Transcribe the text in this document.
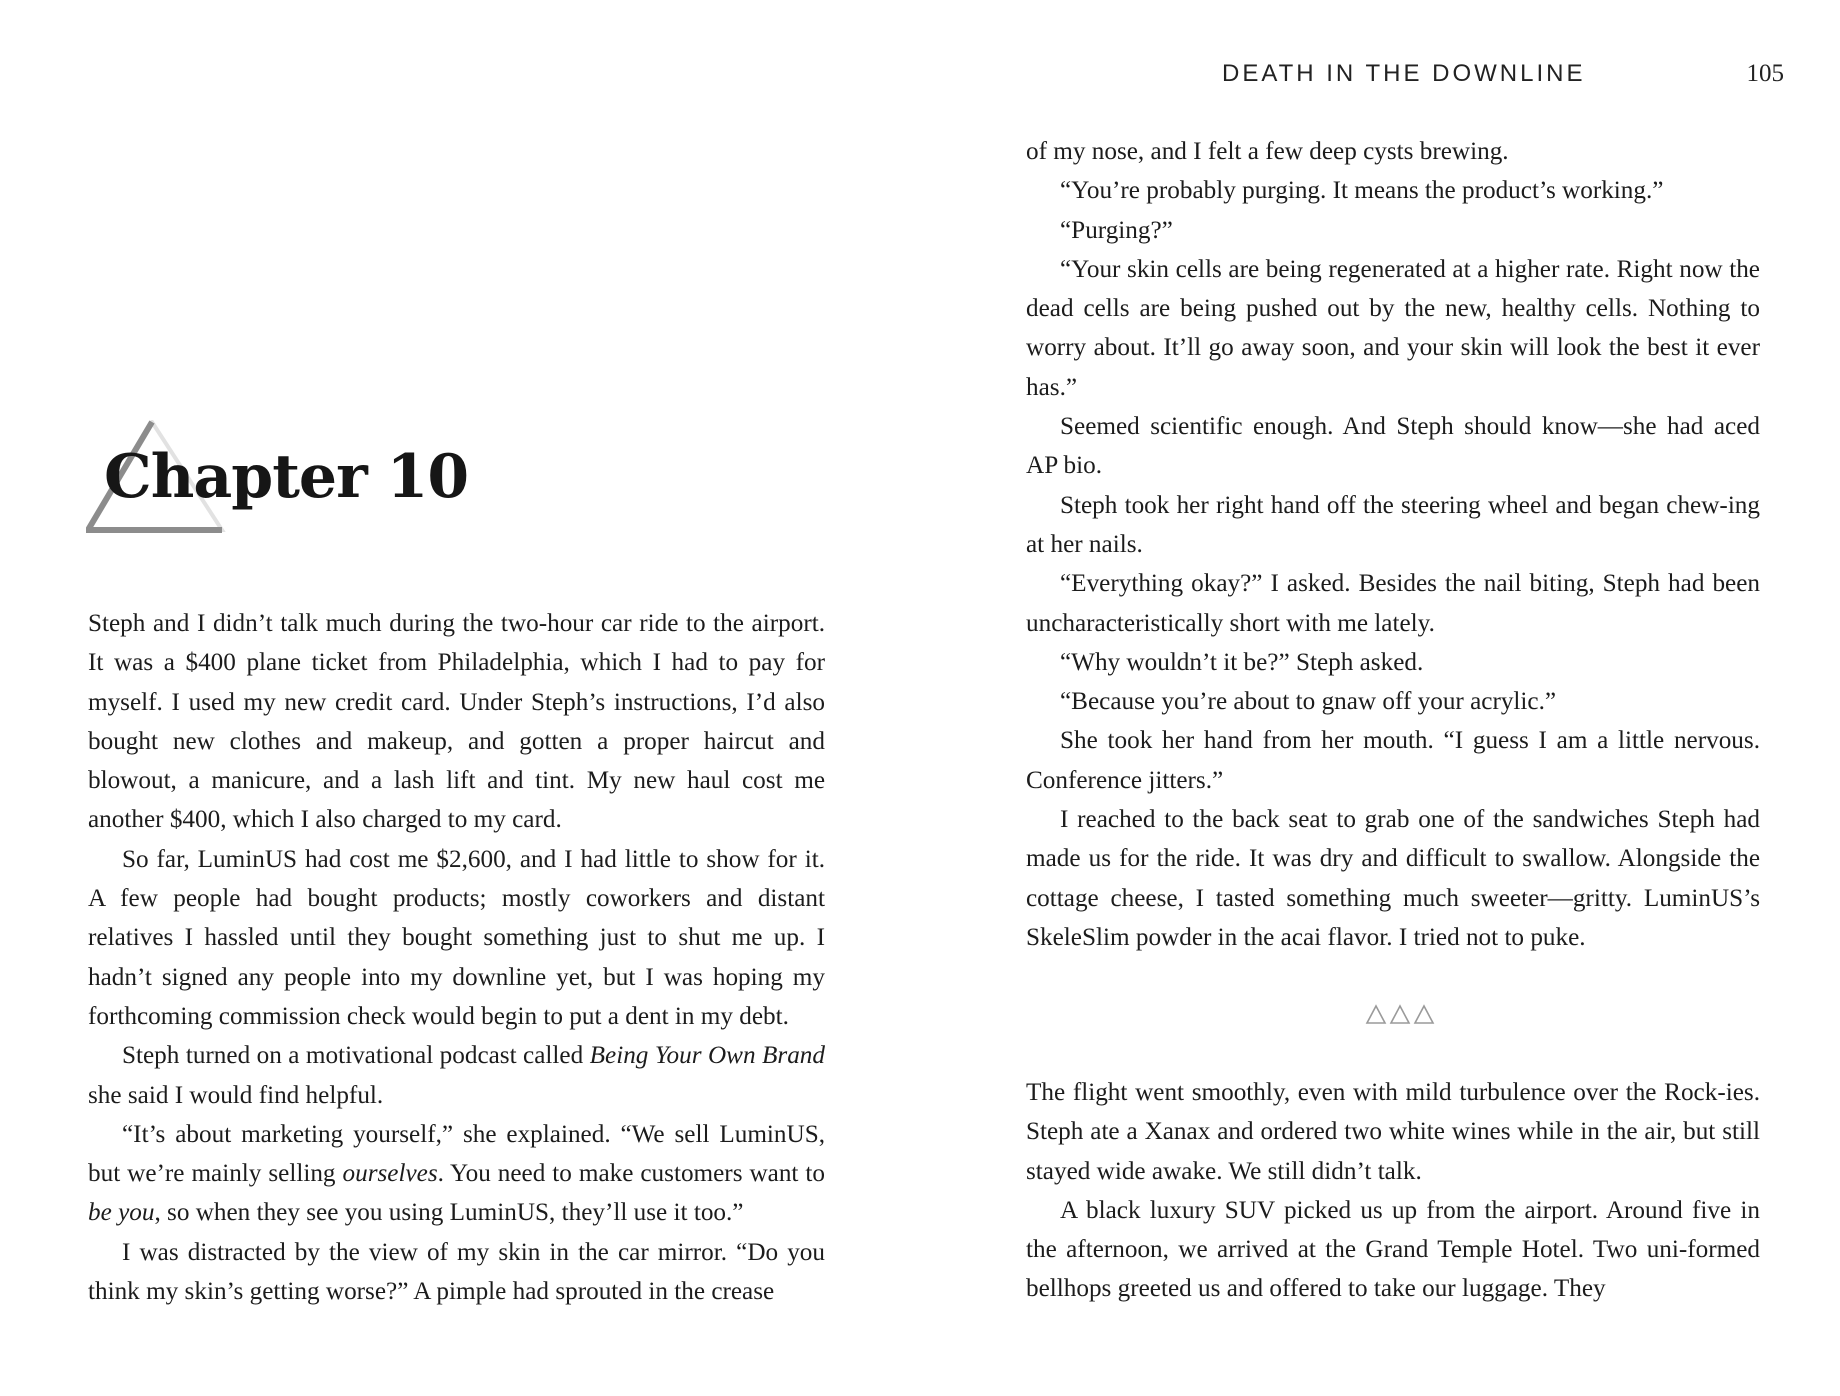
Chapter 10

Steph and I didn’t talk much during the two-hour car ride to the airport. It was a $400 plane ticket from Philadelphia, which I had to pay for myself. I used my new credit card. Under Steph’s instructions, I’d also bought new clothes and makeup, and gotten a proper haircut and blowout, a manicure, and a lash lift and tint. My new haul cost me another $400, which I also charged to my card.

So far, LuminUS had cost me $2,600, and I had little to show for it. A few people had bought products; mostly coworkers and distant relatives I hassled until they bought something just to shut me up. I hadn’t signed any people into my downline yet, but I was hoping my forthcoming commission check would begin to put a dent in my debt.

Steph turned on a motivational podcast called Being Your Own Brand she said I would find helpful.

“It’s about marketing yourself,” she explained. “We sell LuminUS, but we’re mainly selling ourselves. You need to make customers want to be you, so when they see you using LuminUS, they’ll use it too.”

I was distracted by the view of my skin in the car mirror. “Do you think my skin’s getting worse?” A pimple had sprouted in the crease

DEATH IN THE DOWNLINE	105

of my nose, and I felt a few deep cysts brewing.

“You’re probably purging. It means the product’s working.”

“Purging?”

“Your skin cells are being regenerated at a higher rate. Right now the dead cells are being pushed out by the new, healthy cells. Nothing to worry about. It’ll go away soon, and your skin will look the best it ever has.”

Seemed scientific enough. And Steph should know—she had aced AP bio.

Steph took her right hand off the steering wheel and began chew-ing at her nails.

“Everything okay?” I asked. Besides the nail biting, Steph had been uncharacteristically short with me lately.

“Why wouldn’t it be?” Steph asked.

“Because you’re about to gnaw off your acrylic.”

She took her hand from her mouth. “I guess I am a little nervous. Conference jitters.”

I reached to the back seat to grab one of the sandwiches Steph had made us for the ride. It was dry and difficult to swallow. Alongside the cottage cheese, I tasted something much sweeter—gritty. LuminUS’s SkeleSlim powder in the acai flavor. I tried not to puke.

The flight went smoothly, even with mild turbulence over the Rock-ies. Steph ate a Xanax and ordered two white wines while in the air, but still stayed wide awake. We still didn’t talk.

A black luxury SUV picked us up from the airport. Around five in the afternoon, we arrived at the Grand Temple Hotel. Two uni-formed bellhops greeted us and offered to take our luggage. They
